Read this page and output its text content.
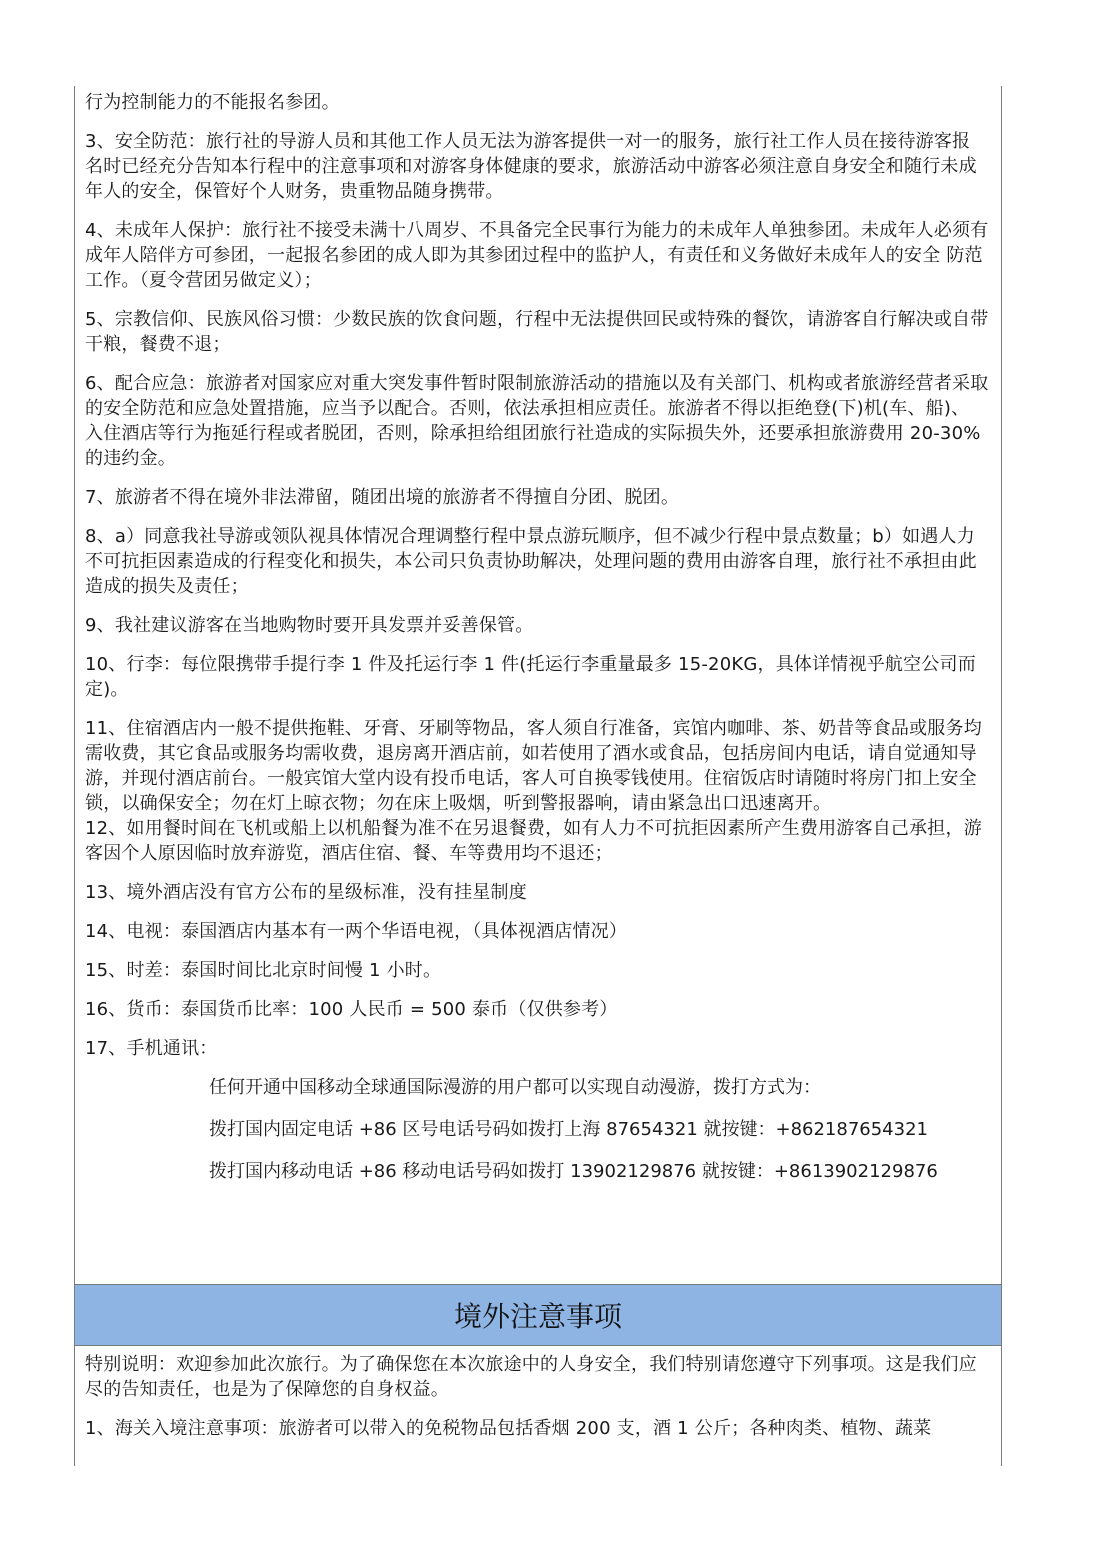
行为控制能力的不能报名参团。

3、安全防范：旅行社的导游人员和其他工作人员无法为游客提供一对一的服务，旅行社工作人员在接待游客报 名时已经充分告知本行程中的注意事项和对游客身体健康的要求，旅游活动中游客必须注意自身安全和随行未成年人的安全，保管好个人财务，贵重物品随身携带。

4、未成年人保护：旅行社不接受未满十八周岁、不具备完全民事行为能力的未成年人单独参团。未成年人必须有成年人陪伴方可参团，一起报名参团的成人即为其参团过程中的监护人，有责任和义务做好未成年人的安全 防范工作。（夏令营团另做定义）；

5、宗教信仰、民族风俗习惯：少数民族的饮食问题，行程中无法提供回民或特殊的餐饮，请游客自行解决或自带干粮，餐费不退；

6、配合应急：旅游者对国家应对重大突发事件暂时限制旅游活动的措施以及有关部门、机构或者旅游经营者采取的安全防范和应急处置措施，应当予以配合。否则，依法承担相应责任。旅游者不得以拒绝登(下)机(车、船)、 入住酒店等行为拖延行程或者脱团，否则，除承担给组团旅行社造成的实际损失外，还要承担旅游费用 20-30% 的违约金。

7、旅游者不得在境外非法滞留，随团出境的旅游者不得擅自分团、脱团。

8、a）同意我社导游或领队视具体情况合理调整行程中景点游玩顺序，但不减少行程中景点数量；b）如遇人力不可抗拒因素造成的行程变化和损失，本公司只负责协助解决，处理问题的费用由游客自理，旅行社不承担由此造成的损失及责任；

9、我社建议游客在当地购物时要开具发票并妥善保管。

10、行李：每位限携带手提行李 1 件及托运行李 1 件(托运行李重量最多 15-20KG，具体详情视乎航空公司而定)。

11、住宿酒店内一般不提供拖鞋、牙膏、牙刷等物品，客人须自行准备，宾馆内咖啡、茶、奶昔等食品或服务均需收费，其它食品或服务均需收费，退房离开酒店前，如若使用了酒水或食品，包括房间内电话，请自觉通知导游，并现付酒店前台。一般宾馆大堂内设有投币电话，客人可自换零钱使用。住宿饭店时请随时将房门扣上安全锁，以确保安全；勿在灯上晾衣物；勿在床上吸烟，听到警报器响，请由紧急出口迅速离开。

12、如用餐时间在飞机或船上以机船餐为准不在另退餐费，如有人力不可抗拒因素所产生费用游客自己承担，游客因个人原因临时放弃游览，酒店住宿、餐、车等费用均不退还；

13、境外酒店没有官方公布的星级标准，没有挂星制度

14、电视：泰国酒店内基本有一两个华语电视，（具体视酒店情况）

15、时差：泰国时间比北京时间慢 1 小时。

16、货币：泰国货币比率：100 人民币 = 500 泰币（仅供参考）

17、手机通讯：

任何开通中国移动全球通国际漫游的用户都可以实现自动漫游，拨打方式为：

拨打国内固定电话 +86 区号电话号码如拨打上海 87654321 就按键：+862187654321

拨打国内移动电话 +86 移动电话号码如拨打 13902129876 就按键：+8613902129876

境外注意事项

特别说明：欢迎参加此次旅行。为了确保您在本次旅途中的人身安全，我们特别请您遵守下列事项。这是我们应尽的告知责任，也是为了保障您的自身权益。

1、海关入境注意事项：旅游者可以带入的免税物品包括香烟 200 支，酒 1 公斤；各种肉类、植物、蔬菜
